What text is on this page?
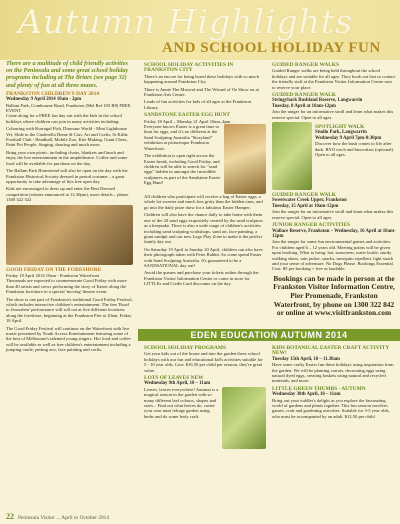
Autumn Highlights
AND SCHOOL HOLIDAY FUN
There are a multitude of child friendly activities on the Peninsula and some great school holiday programs including at The Briars (see page 32) and plenty of fun at all three mazes.
FRANKSTON CHILDREN'S DAY 2014
Wednesday 9 April 2014 10am - 2pm
Ballam Park, Cranbourne Road, Frankston (Mel Ref 103 B8) FREE EVENT

Come along for a FREE fun day out with the kids in the school holidays where children can join in many activities including:

Colouring with Kurragul Fish, Dinosaur World - Mini Lighthouse Vet, Slide in the Cinderella Home & Cart, Art and Crafts, St Kilda Football Club - Handball, Mobile Zoo, Kite Making, Giant Chess, Paint Pot People, Singing, dancing and much more.

Bring your own picnic, including chairs, blankets and lunch and enjoy the live entertainment in the amphitheatre. Coffee and some food will be available for purchase on the day.

The Ballam Park Homestead will also be open on the day with the Frankston Historical Society dressed in period costume – a great opportunity to take advantage of this free open day.

Kids are encouraged to dress up and enter the Best Dressed competition (winner announced at 12.30pm), more details – phone 1300 322 322

GOOD FRIDAY ON THE FORESHORE
Friday 18 April 2014 10am - Frankston Waterfront

Thousands are expected to commemorate Good Friday with more than 40 artists and crews performing the story of Easter along the Frankston foreshore in a special 'moving' theatre event.

The show is one part of Frankston's traditional Good Friday Festival, which includes interactive children's entertainment. The free 'Road to Jerusalem' performance will roll out at five different locations along the foreshore, beginning at the Frankston Pier at 10am, Friday 18 April.

The Good Friday Festival will continue on the Waterfront with live music presented by Youth Access Entertainment featuring some of the best of Melbourne's talented young singers. Hot food and coffee will be available as well as free children's entertainment including a jumping castle, petting zoo, face painting and crafts.

SCHOOL HOLIDAY ACTIVITIES IN FRANKSTON CITY

There's an encore for being bored these holidays with so much happening around Frankston City.

There is Annie The Musical and The Wizard of Oz Show on at Frankston Arts Centre.

Leads of fun activities for kids of all ages at the Frankston Library.

SANDSTONE EASTER EGG HUNT
Friday 18 April – Monday 21 April 10am–4pm

Everyone knows Easter is a great time to hunt for eggs, and it's no different at the Sand Sculpting Australia "Storyland" exhibition at picturesque Frankston Waterfront.

The exhibition is open right across the Easter break, including Good Friday, and children will be able to search for "sand eggs" hidden in amongst the incredible sculptures as part of the Sandstone Easter Egg Hunt!

All children who participate will receive a bag of Easter eggs, a whole lot sweeter and much less gritty than the hidden ones, and go into the daily prize draw for a fabulous Easter Hamper.

Children will also have the chance daily to take home with them one of the 20 sand eggs exquisitely created by the sand sculptors as a keepsake. There is also a wide range of children's activities including sand sculpting workshops, sand art, face painting, a giant sandpit and our new Lego Play Zone to make it the perfect family day out.

On Saturday 19 April to Sunday 20 April, children can also have their photograph taken with Peter Rabbit. So come spend Easter with Sand Sculpting Australia. It's guaranteed to be a SANDSATIONAL day out!

Avoid the queues and purchase your tickets online through the Frankston Visitor Information Centre or come in store for LITTLEs and Credit Card discounts on the day.

GUIDED RANGER WALKS

Guided Ranger walks are being held throughout the school holidays and are suitable for all ages. They book out fast so contact the friendly staff at the Frankston Visitor Information Centre now to reserve your place.

GUIDED RANGER WALK
Stringybark Bushland Reserve, Langwarrin
Tuesday, 8 April at 10am-12pm

Join the ranger for an informative stroll and learn what makes this reserve special. Open to all ages.

SPOTLIGHT WALK
Studio Park, Langwarrin
Wednesday 9 April 7pm-8:30pm

Discover how the bush comes to life after dark. BYO torch and binoculars (optional). Open to all ages.

GUIDED RANGER WALK
Sweetwater Creek Upper, Frankston
Tuesday, 15 April at 10am-12pm

Join the ranger for an informative stroll and learn what makes this reserve special. Open to all ages.

JUNIOR RANGER ACTIVITIES
Wallace Reserve, Frankston – Wednesday, 16 April at 10am-12pm

Join the ranger for some fun environmental games and activities. For children aged 6 – 12 years old. Meeting points will be given upon booking. What to bring: hat, sunscreen, water bottle, sturdy walking shoes, rain jacket, snacks, mosquito repellent, light snack and your sense of adventure. No Dogs Please. Bookings Essential. Cost: $5 per booking + free as laudable.

Bookings can be made in person at the Frankston Visitor Information Centre, Pier Promenade, Frankston Waterfront, by phone on 1300 322 842 or online at www.visitfrankston.com
EDEN EDUCATION AUTUMN 2014
SCHOOL HOLIDAY PROGRAMS

Get your kids out of the house and into the garden these school holidays with our fun and educational kid's activities suitable for 5 - 10 year olds. Cost: $16.50 per child per session, they're great value.

LOTS OF LEAVES NEW
Wednesday 9th April, 10 – 11am

Leaves, leaves everywhere! Autumn is a magical season in the garden with so many different leaf colours, shapes and sizes... Find out what leaves do, create your own mini foliage garden using herbs and do some leafy craft.

KIDS BOTANICAL EASTER CRAFT ACTIVITY NEW!
Tuesday 15th April, 10 – 11.30am

Have some crafty Easter fun these holidays using inspiration from the garden. We will be planting carrots, decorating eggs using natural dyed eggs, creating baskets using natural and recycled materials, and more.

LITTLE GREEN THUMBS - AUTUMN
Wednesday 30th April, 10 – 11am

Bring out your toddler's delight as you explore the fascinating world of gardens and plants together. This fun session involves games, craft and gardening activities. Suitable for 3-5 year olds, who must be accompanied by an adult. $12.50 per child

22 Peninsula Visitor ... April to October 2014
